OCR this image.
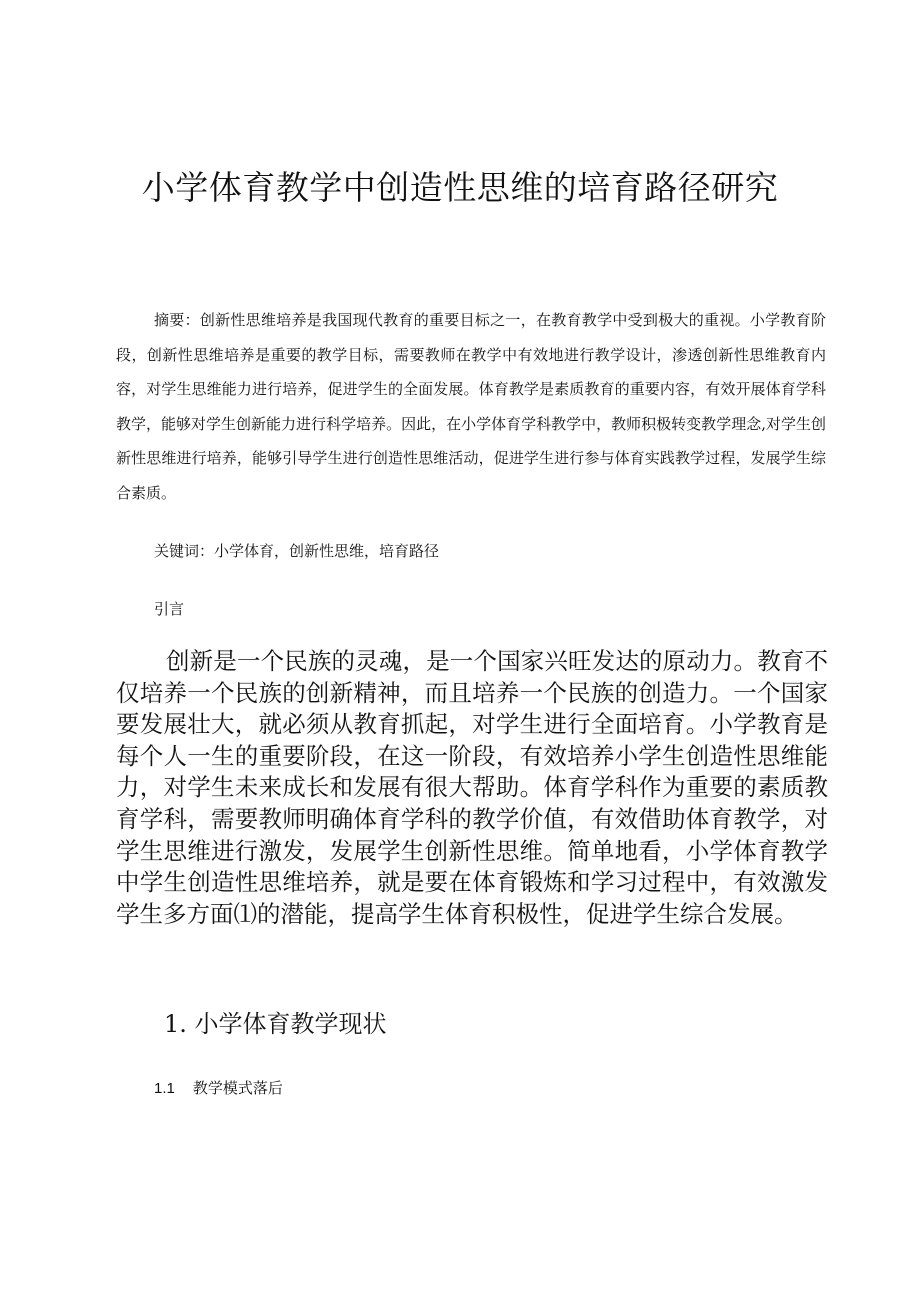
小学体育教学中创造性思维的培育路径研究

摘要：创新性思维培养是我国现代教育的重要目标之一，在教育教学中受到极大的重视。小学教育阶段，创新性思维培养是重要的教学目标，需要教师在教学中有效地进行教学设计，渗透创新性思维教育内容，对学生思维能力进行培养，促进学生的全面发展。体育教学是素质教育的重要内容，有效开展体育学科教学，能够对学生创新能力进行科学培养。因此，在小学体育学科教学中，教师积极转变教学理念,对学生创新性思维进行培养，能够引导学生进行创造性思维活动，促进学生进行参与体育实践教学过程，发展学生综合素质。

关键词：小学体育，创新性思维，培育路径

引言

创新是一个民族的灵魂，是一个国家兴旺发达的原动力。教育不仅培养一个民族的创新精神，而且培养一个民族的创造力。一个国家要发展壮大，就必须从教育抓起，对学生进行全面培育。小学教育是每个人一生的重要阶段，在这一阶段，有效培养小学生创造性思维能力，对学生未来成长和发展有很大帮助。体育学科作为重要的素质教育学科，需要教师明确体育学科的教学价值，有效借助体育教学，对学生思维进行激发，发展学生创新性思维。简单地看，小学体育教学中学生创造性思维培养，就是要在体育锻炼和学习过程中，有效激发学生多方面⑴的潜能，提高学生体育积极性，促进学生综合发展。

1. 小学体育教学现状
1.1 教学模式落后
